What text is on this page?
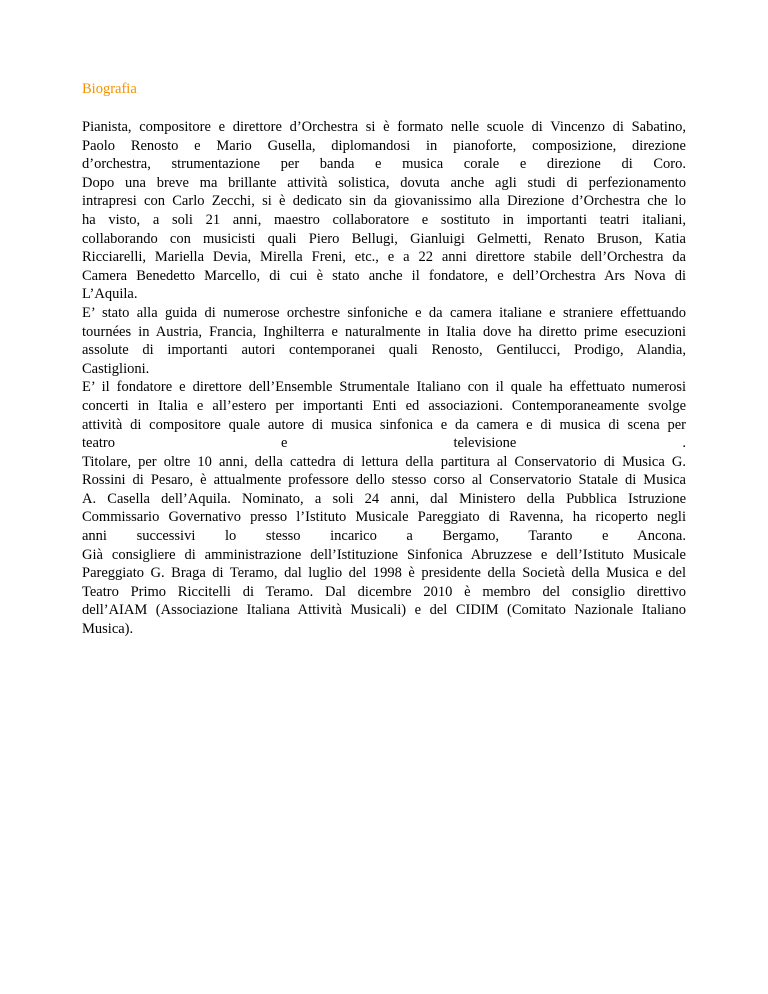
Biografia
Pianista, compositore e direttore d’Orchestra si è formato nelle scuole di Vincenzo di Sabatino,
Paolo Renosto e Mario Gusella, diplomandosi in pianoforte, composizione, direzione
d’orchestra, strumentazione per banda e musica corale e direzione di Coro.
Dopo una breve ma brillante attività solistica, dovuta anche agli studi di perfezionamento
intrapresi con Carlo Zecchi, si è dedicato sin da giovanissimo alla Direzione d’Orchestra che lo
ha visto, a soli 21 anni, maestro collaboratore e sostituto in importanti teatri italiani,
collaborando con musicisti quali Piero Bellugi, Gianluigi Gelmetti, Renato Bruson, Katia
Ricciarelli, Mariella Devia, Mirella Freni, etc., e a 22 anni direttore stabile dell’Orchestra da
Camera Benedetto Marcello, di cui è stato anche il fondatore, e dell’Orchestra Ars Nova di
L’Aquila.
E’ stato alla guida di numerose orchestre sinfoniche e da camera italiane e straniere effettuando
tournées in Austria, Francia, Inghilterra e naturalmente in Italia dove ha diretto prime esecuzioni
assolute di importanti autori contemporanei quali Renosto, Gentilucci, Prodigo, Alandia,
Castiglioni.
E’ il fondatore e direttore dell’Ensemble Strumentale Italiano con il quale ha effettuato numerosi
concerti in Italia e all’estero per importanti Enti ed associazioni. Contemporaneamente svolge
attività di compositore quale autore di musica sinfonica e da camera e di musica di scena per
teatro e televisione .
Titolare, per oltre 10 anni, della cattedra di lettura della partitura al Conservatorio di Musica G.
Rossini di Pesaro, è attualmente professore dello stesso corso al Conservatorio Statale di Musica
A. Casella dell’Aquila. Nominato, a soli 24 anni, dal Ministero della Pubblica Istruzione
Commissario Governativo presso l’Istituto Musicale Pareggiato di Ravenna, ha ricoperto negli
anni successivi lo stesso incarico a Bergamo, Taranto e Ancona.
Già consigliere di amministrazione dell’Istituzione Sinfonica Abruzzese e dell’Istituto Musicale
Pareggiato G. Braga di Teramo, dal luglio del 1998 è presidente della Società della Musica e del
Teatro Primo Riccitelli di Teramo. Dal dicembre 2010 è membro del consiglio direttivo
dell’AIAM (Associazione Italiana Attività Musicali) e del CIDIM (Comitato Nazionale Italiano
Musica).
